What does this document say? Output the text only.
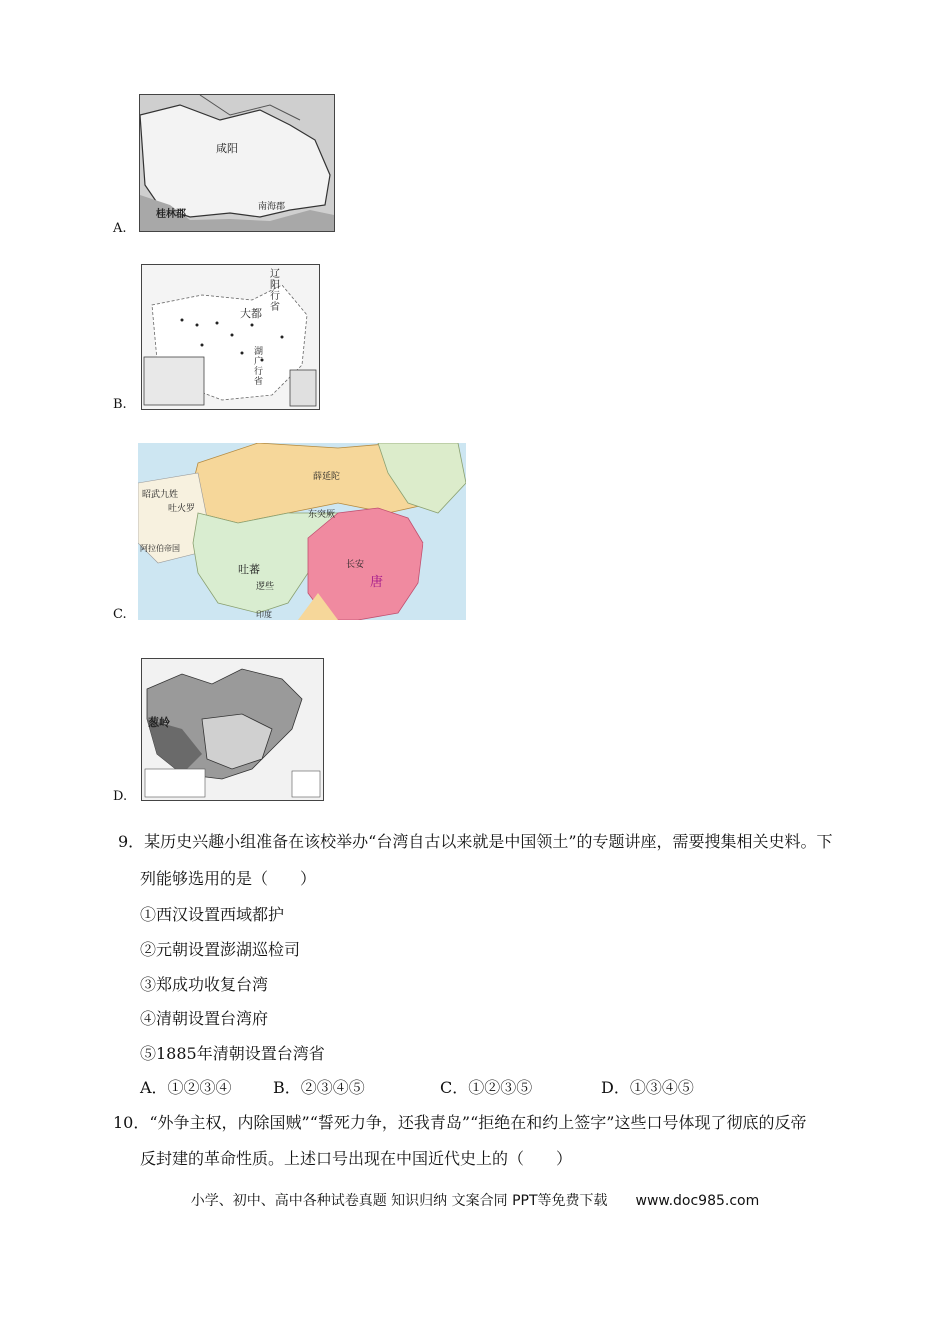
A.
咸阳
桂林郡
南海郡
B.
辽阳行省
大都
湖广行省
C.
薛延陀
昭武九姓
吐火罗
阿拉伯帝国
吐蕃
东突厥
长安
唐
逻些
印度
D.
葱岭
9．某历史兴趣小组准备在该校举办“台湾自古以来就是中国领土”的专题讲座，需要搜集相关史料。下
列能够选用的是（　　）
①西汉设置西域都护
②元朝设置澎湖巡检司
③郑成功收复台湾
④清朝设置台湾府
⑤1885年清朝设置台湾省
A．①②③④	B．②③④⑤	C．①②③⑤	D．①③④⑤
10．“外争主权，内除国贼”“誓死力争，还我青岛”“拒绝在和约上签字”这些口号体现了彻底的反帝
反封建的革命性质。上述口号出现在中国近代史上的（　　）
小学、初中、高中各种试卷真题 知识归纳 文案合同 PPT等免费下载 www.doc985.com
